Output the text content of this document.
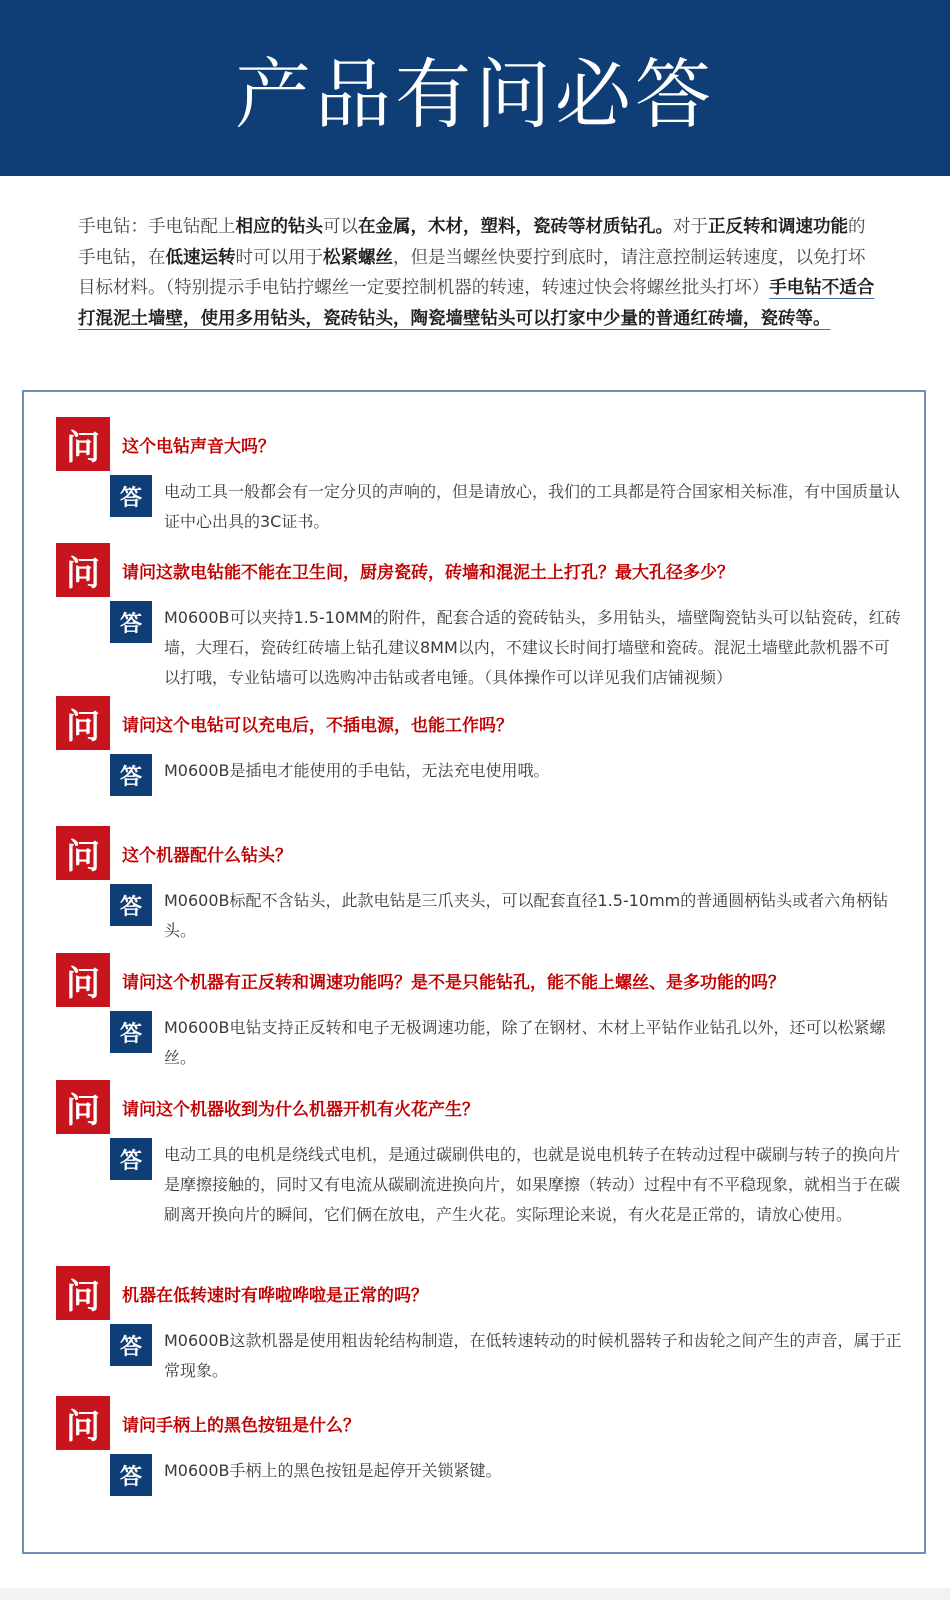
产品有问必答
手电钻：手电钻配上相应的钻头可以在金属，木材，塑料，瓷砖等材质钻孔。对于正反转和调速功能的手电钻，在低速运转时可以用于松紧螺丝，但是当螺丝快要拧到底时，请注意控制运转速度，以免打坏目标材料。（特别提示手电钻拧螺丝一定要控制机器的转速，转速过快会将螺丝批头打坏）手电钻不适合打混泥土墙壁，使用多用钻头，瓷砖钻头，陶瓷墙壁钻头可以打家中少量的普通红砖墙，瓷砖等。
问	这个电钻声音大吗？
答	电动工具一般都会有一定分贝的声响的，但是请放心，我们的工具都是符合国家相关标准，有中国质量认证中心出具的3C证书。
问	请问这款电钻能不能在卫生间，厨房瓷砖，砖墙和混泥土上打孔？最大孔径多少？
答	M0600B可以夹持1.5-10MM的附件，配套合适的瓷砖钻头，多用钻头，墙壁陶瓷钻头可以钻瓷砖，红砖墙，大理石，瓷砖红砖墙上钻孔建议8MM以内，不建议长时间打墙壁和瓷砖。混泥土墙壁此款机器不可以打哦，专业钻墙可以选购冲击钻或者电锤。（具体操作可以详见我们店铺视频）
问	请问这个电钻可以充电后，不插电源，也能工作吗？
答	M0600B是插电才能使用的手电钻，无法充电使用哦。
问	这个机器配什么钻头？
答	M0600B标配不含钻头，此款电钻是三爪夹头，可以配套直径1.5-10mm的普通圆柄钻头或者六角柄钻头。
问	请问这个机器有正反转和调速功能吗？是不是只能钻孔，能不能上螺丝、是多功能的吗？
答	M0600B电钻支持正反转和电子无极调速功能，除了在钢材、木材上平钻作业钻孔以外，还可以松紧螺丝。
问	请问这个机器收到为什么机器开机有火花产生？
答	电动工具的电机是绕线式电机，是通过碳刷供电的，也就是说电机转子在转动过程中碳刷与转子的换向片是摩擦接触的，同时又有电流从碳刷流进换向片，如果摩擦（转动）过程中有不平稳现象，就相当于在碳刷离开换向片的瞬间，它们俩在放电，产生火花。实际理论来说，有火花是正常的，请放心使用。
问	机器在低转速时有哗啦哗啦是正常的吗？
答	M0600B这款机器是使用粗齿轮结构制造，在低转速转动的时候机器转子和齿轮之间产生的声音，属于正常现象。
问	请问手柄上的黑色按钮是什么？
答	M0600B手柄上的黑色按钮是起停开关锁紧键。
